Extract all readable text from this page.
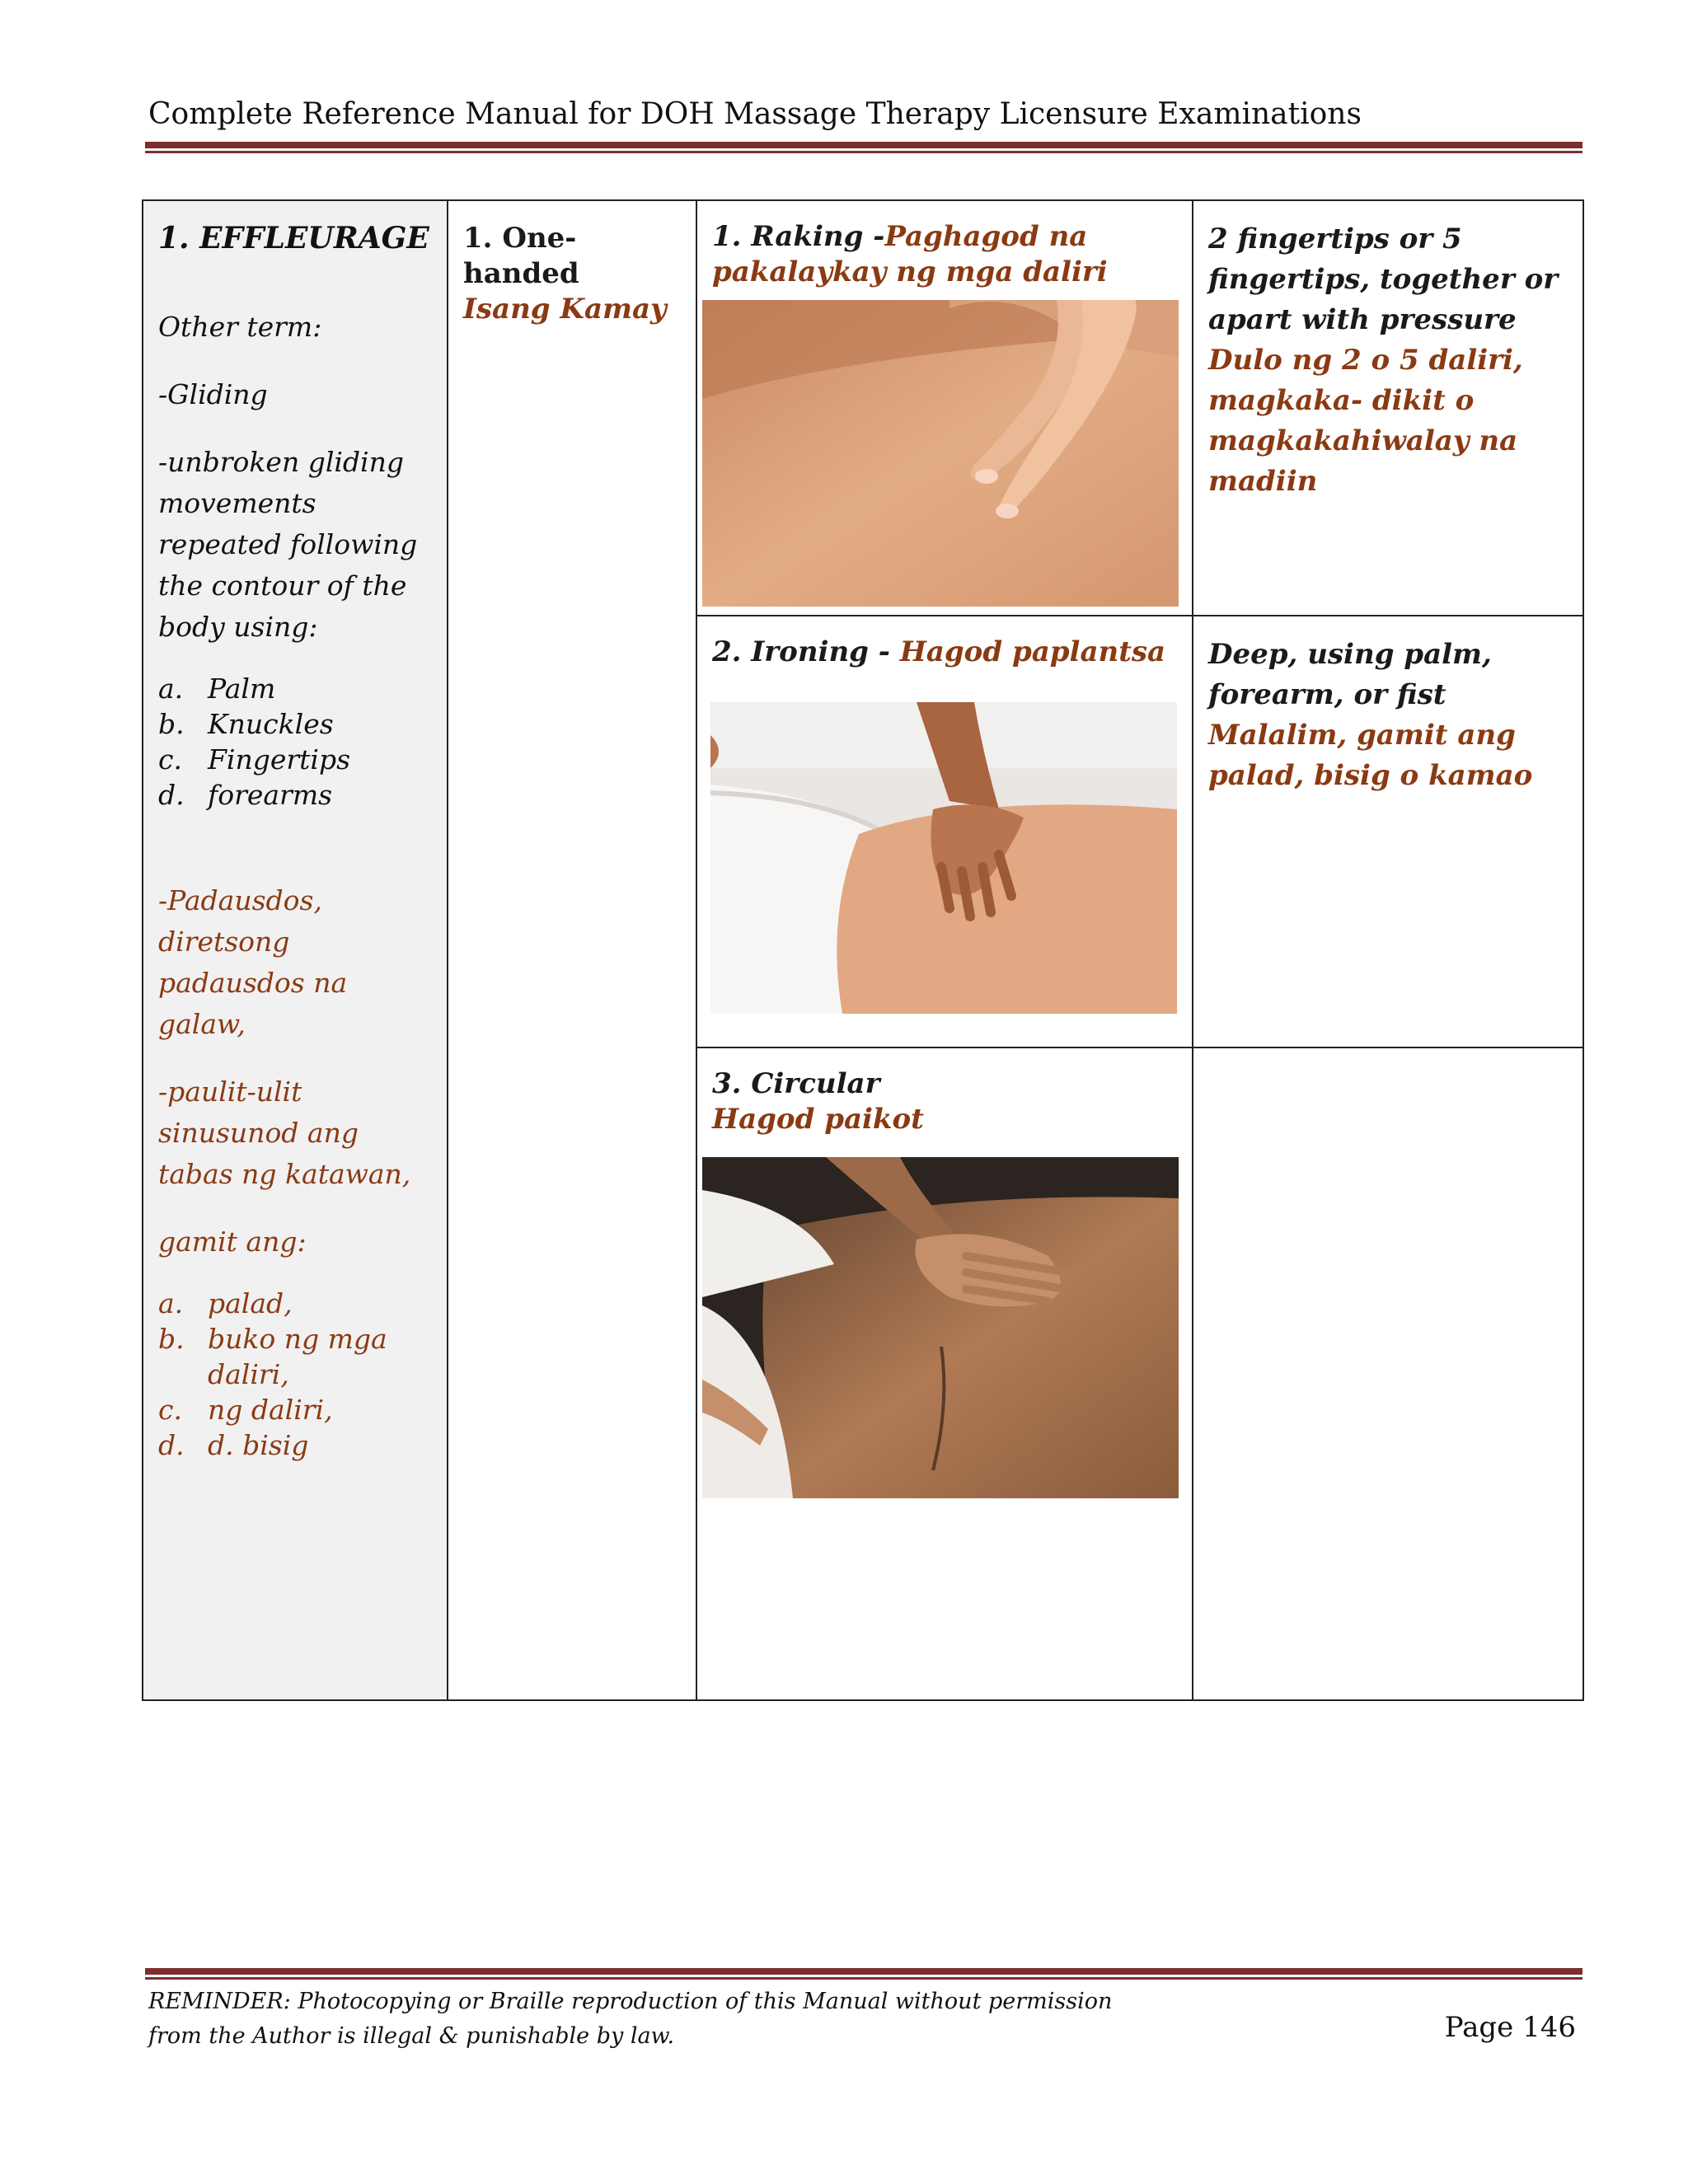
Complete Reference Manual for DOH Massage Therapy Licensure Examinations
1. EFFLEURAGE
Other term:
-Gliding
-unbroken gliding movements repeated following the contour of the body using:
a. Palm
b. Knuckles
c. Fingertips
d. forearms
-Padausdos, diretsong padausdos na galaw,
-paulit-ulit sinusunod ang tabas ng katawan,
gamit ang:
a. palad,
b. buko ng mga daliri,
c. ng daliri,
d. d. bisig
1. One-handed
Isang Kamay
1. Raking -Paghagod na pakalaykay ng mga daliri
2 fingertips or 5 fingertips, together or apart with pressure
Dulo ng 2 o 5 daliri, magkaka- dikit o magkakahiwalay na madiin
2. Ironing - Hagod paplantsa	Deep, using palm, forearm, or fist
Malalim, gamit ang palad, bisig o kamao
3. Circular
Hagod paikot
REMINDER: Photocopying or Braille reproduction of this Manual without permission
from the Author is illegal & punishable by law.	Page 146
